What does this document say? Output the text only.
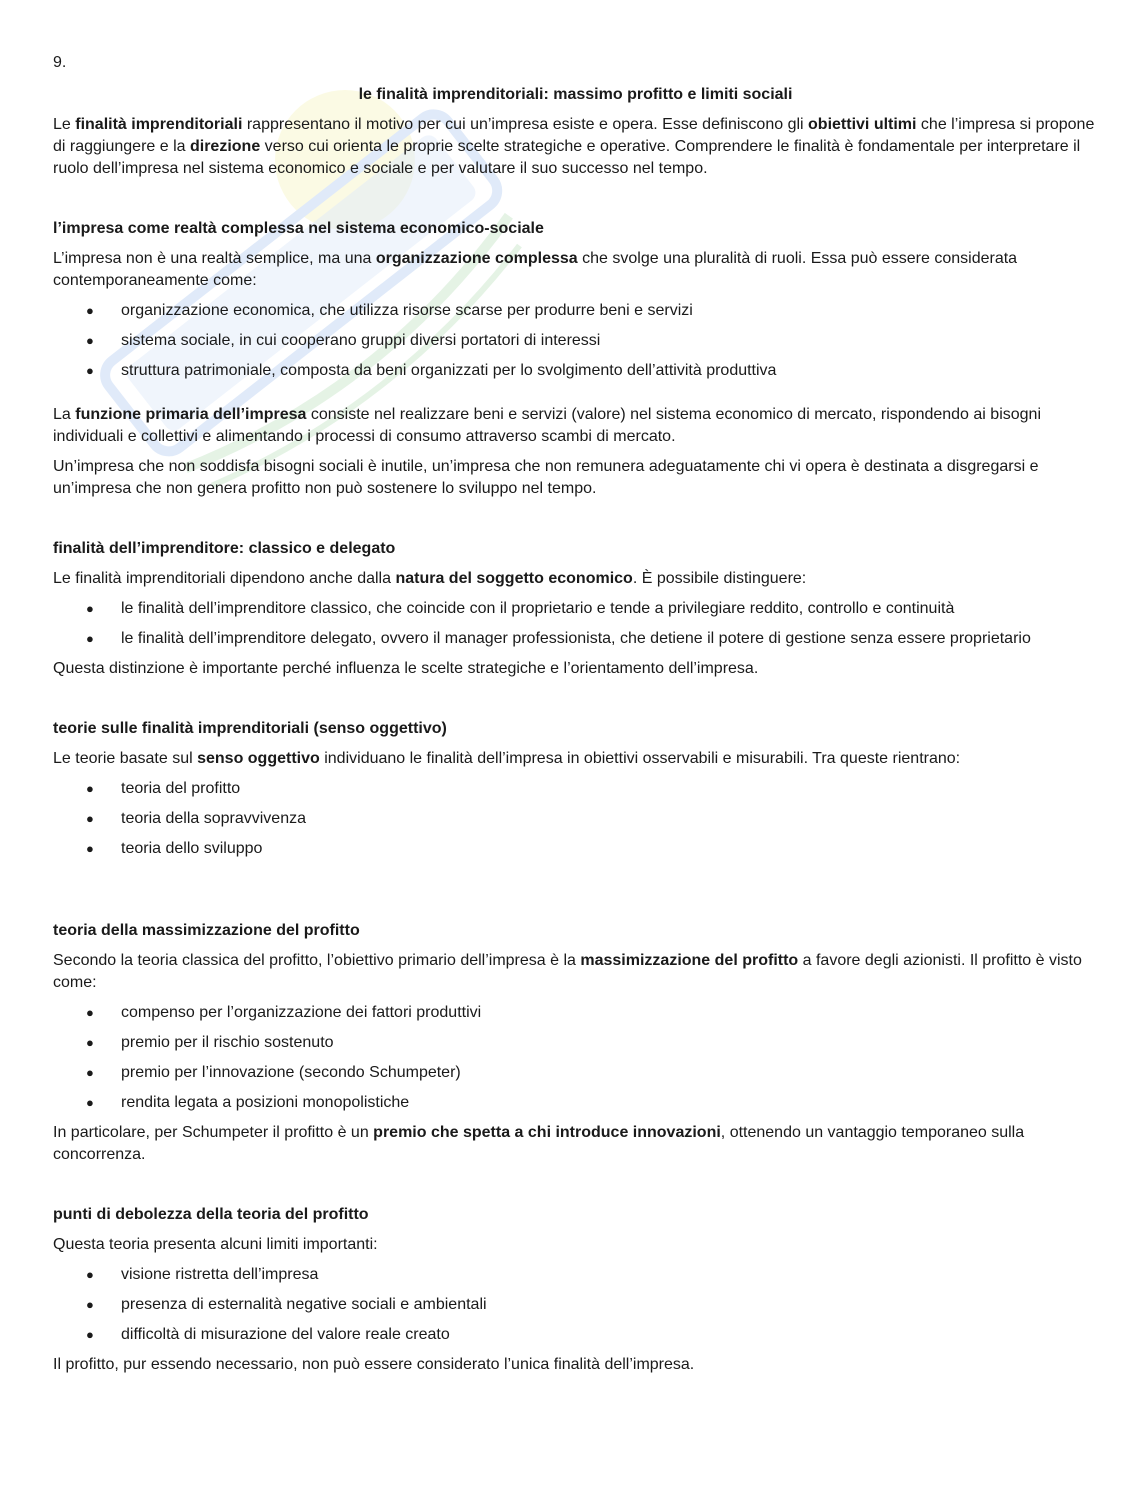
9.
le finalità imprenditoriali: massimo profitto e limiti sociali

Le finalità imprenditoriali rappresentano il motivo per cui un’impresa esiste e opera. Esse definiscono gli obiettivi ultimi che l’impresa si propone di raggiungere e la direzione verso cui orienta le proprie scelte strategiche e operative. Comprendere le finalità è fondamentale per interpretare il ruolo dell’impresa nel sistema economico e sociale e per valutare il suo successo nel tempo.

l’impresa come realtà complessa nel sistema economico-sociale

L’impresa non è una realtà semplice, ma una organizzazione complessa che svolge una pluralità di ruoli. Essa può essere considerata contemporaneamente come:

● organizzazione economica, che utilizza risorse scarse per produrre beni e servizi
● sistema sociale, in cui cooperano gruppi diversi portatori di interessi
● struttura patrimoniale, composta da beni organizzati per lo svolgimento dell’attività produttiva

La funzione primaria dell’impresa consiste nel realizzare beni e servizi (valore) nel sistema economico di mercato, rispondendo ai bisogni individuali e collettivi e alimentando i processi di consumo attraverso scambi di mercato.

Un’impresa che non soddisfa bisogni sociali è inutile, un’impresa che non remunera adeguatamente chi vi opera è destinata a disgregarsi e un’impresa che non genera profitto non può sostenere lo sviluppo nel tempo.

finalità dell’imprenditore: classico e delegato

Le finalità imprenditoriali dipendono anche dalla natura del soggetto economico. È possibile distinguere:

● le finalità dell’imprenditore classico, che coincide con il proprietario e tende a privilegiare reddito, controllo e continuità
● le finalità dell’imprenditore delegato, ovvero il manager professionista, che detiene il potere di gestione senza essere proprietario

Questa distinzione è importante perché influenza le scelte strategiche e l’orientamento dell’impresa.

teorie sulle finalità imprenditoriali (senso oggettivo)

Le teorie basate sul senso oggettivo individuano le finalità dell’impresa in obiettivi osservabili e misurabili. Tra queste rientrano:

● teoria del profitto
● teoria della sopravvivenza
● teoria dello sviluppo
teoria della massimizzazione del profitto

Secondo la teoria classica del profitto, l’obiettivo primario dell’impresa è la massimizzazione del profitto a favore degli azionisti. Il profitto è visto come:

● compenso per l’organizzazione dei fattori produttivi
● premio per il rischio sostenuto
● premio per l’innovazione (secondo Schumpeter)
● rendita legata a posizioni monopolistiche

In particolare, per Schumpeter il profitto è un premio che spetta a chi introduce innovazioni, ottenendo un vantaggio temporaneo sulla concorrenza.

punti di debolezza della teoria del profitto

Questa teoria presenta alcuni limiti importanti:

● visione ristretta dell’impresa
● presenza di esternalità negative sociali e ambientali
● difficoltà di misurazione del valore reale creato

Il profitto, pur essendo necessario, non può essere considerato l’unica finalità dell’impresa.
